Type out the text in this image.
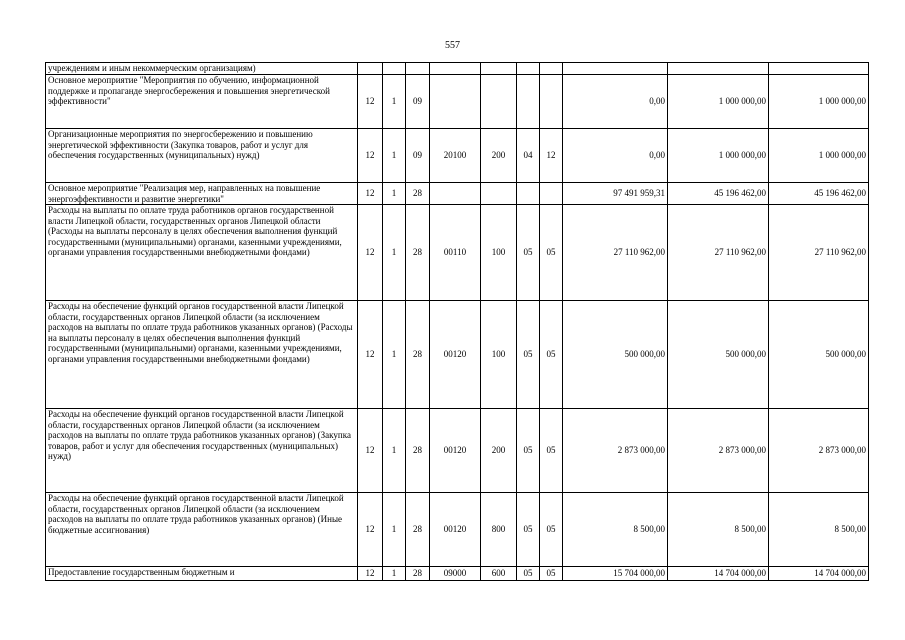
557
учреждениям и иным некоммерческим организациям)										
Основное мероприятие "Мероприятия по обучению, информационной поддержке и пропаганде энергосбережения и повышения энергетической эффективности"	12	1	09					0,00	1 000 000,00	1 000 000,00
Организационные мероприятия по энергосбережению и повышению энергетической эффективности (Закупка товаров, работ и услуг для обеспечения государственных (муниципальных) нужд)	12	1	09	20100	200	04	12	0,00	1 000 000,00	1 000 000,00
Основное мероприятие "Реализация мер, направленных на повышение энергоэффективности и развитие энергетики"	12	1	28					97 491 959,31	45 196 462,00	45 196 462,00
Расходы на выплаты по оплате труда работников органов государственной власти Липецкой области, государственных органов Липецкой области (Расходы на выплаты персоналу в целях обеспечения выполнения функций государственными (муниципальными) органами, казенными учреждениями, органами управления государственными внебюджетными фондами)	12	1	28	00110	100	05	05	27 110 962,00	27 110 962,00	27 110 962,00
Расходы на обеспечение функций органов государственной власти Липецкой области, государственных органов Липецкой области (за исключением расходов на выплаты по оплате труда работников указанных органов) (Расходы на выплаты персоналу в целях обеспечения выполнения функций государственными (муниципальными) органами, казенными учреждениями, органами управления государственными внебюджетными фондами)	12	1	28	00120	100	05	05	500 000,00	500 000,00	500 000,00
Расходы на обеспечение функций органов государственной власти Липецкой области, государственных органов Липецкой области (за исключением расходов на выплаты по оплате труда работников указанных органов) (Закупка товаров, работ и услуг для обеспечения государственных (муниципальных) нужд)	12	1	28	00120	200	05	05	2 873 000,00	2 873 000,00	2 873 000,00
Расходы на обеспечение функций органов государственной власти Липецкой области, государственных органов Липецкой области (за исключением расходов на выплаты по оплате труда работников указанных органов) (Иные бюджетные ассигнования)	12	1	28	00120	800	05	05	8 500,00	8 500,00	8 500,00
Предоставление государственным бюджетным и	12	1	28	09000	600	05	05	15 704 000,00	14 704 000,00	14 704 000,00
